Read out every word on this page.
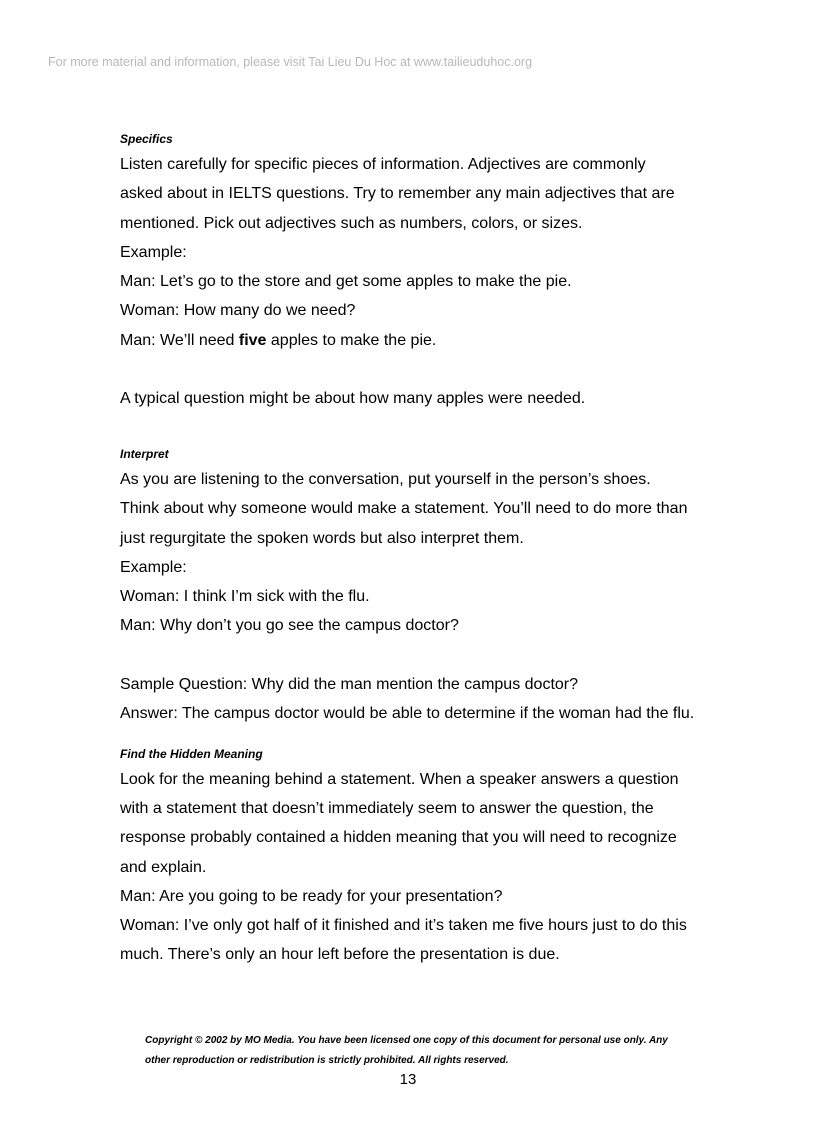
For more material and information, please visit Tai Lieu Du Hoc at www.tailieuduhoc.org
Specifics
Listen carefully for specific pieces of information. Adjectives are commonly
asked about in IELTS questions. Try to remember any main adjectives that are
mentioned. Pick out adjectives such as numbers, colors, or sizes.
Example:
Man: Let’s go to the store and get some apples to make the pie.
Woman: How many do we need?
Man: We’ll need five apples to make the pie.
A typical question might be about how many apples were needed.
Interpret
As you are listening to the conversation, put yourself in the person’s shoes.
Think about why someone would make a statement. You’ll need to do more than
just regurgitate the spoken words but also interpret them.
Example:
Woman: I think I’m sick with the flu.
Man: Why don’t you go see the campus doctor?
Sample Question: Why did the man mention the campus doctor?
Answer: The campus doctor would be able to determine if the woman had the flu.
Find the Hidden Meaning
Look for the meaning behind a statement. When a speaker answers a question
with a statement that doesn’t immediately seem to answer the question, the
response probably contained a hidden meaning that you will need to recognize
and explain.
Man: Are you going to be ready for your presentation?
Woman: I’ve only got half of it finished and it’s taken me five hours just to do this
much. There’s only an hour left before the presentation is due.
Copyright © 2002 by MO Media. You have been licensed one copy of this document for personal use only. Any
other reproduction or redistribution is strictly prohibited. All rights reserved.
13
